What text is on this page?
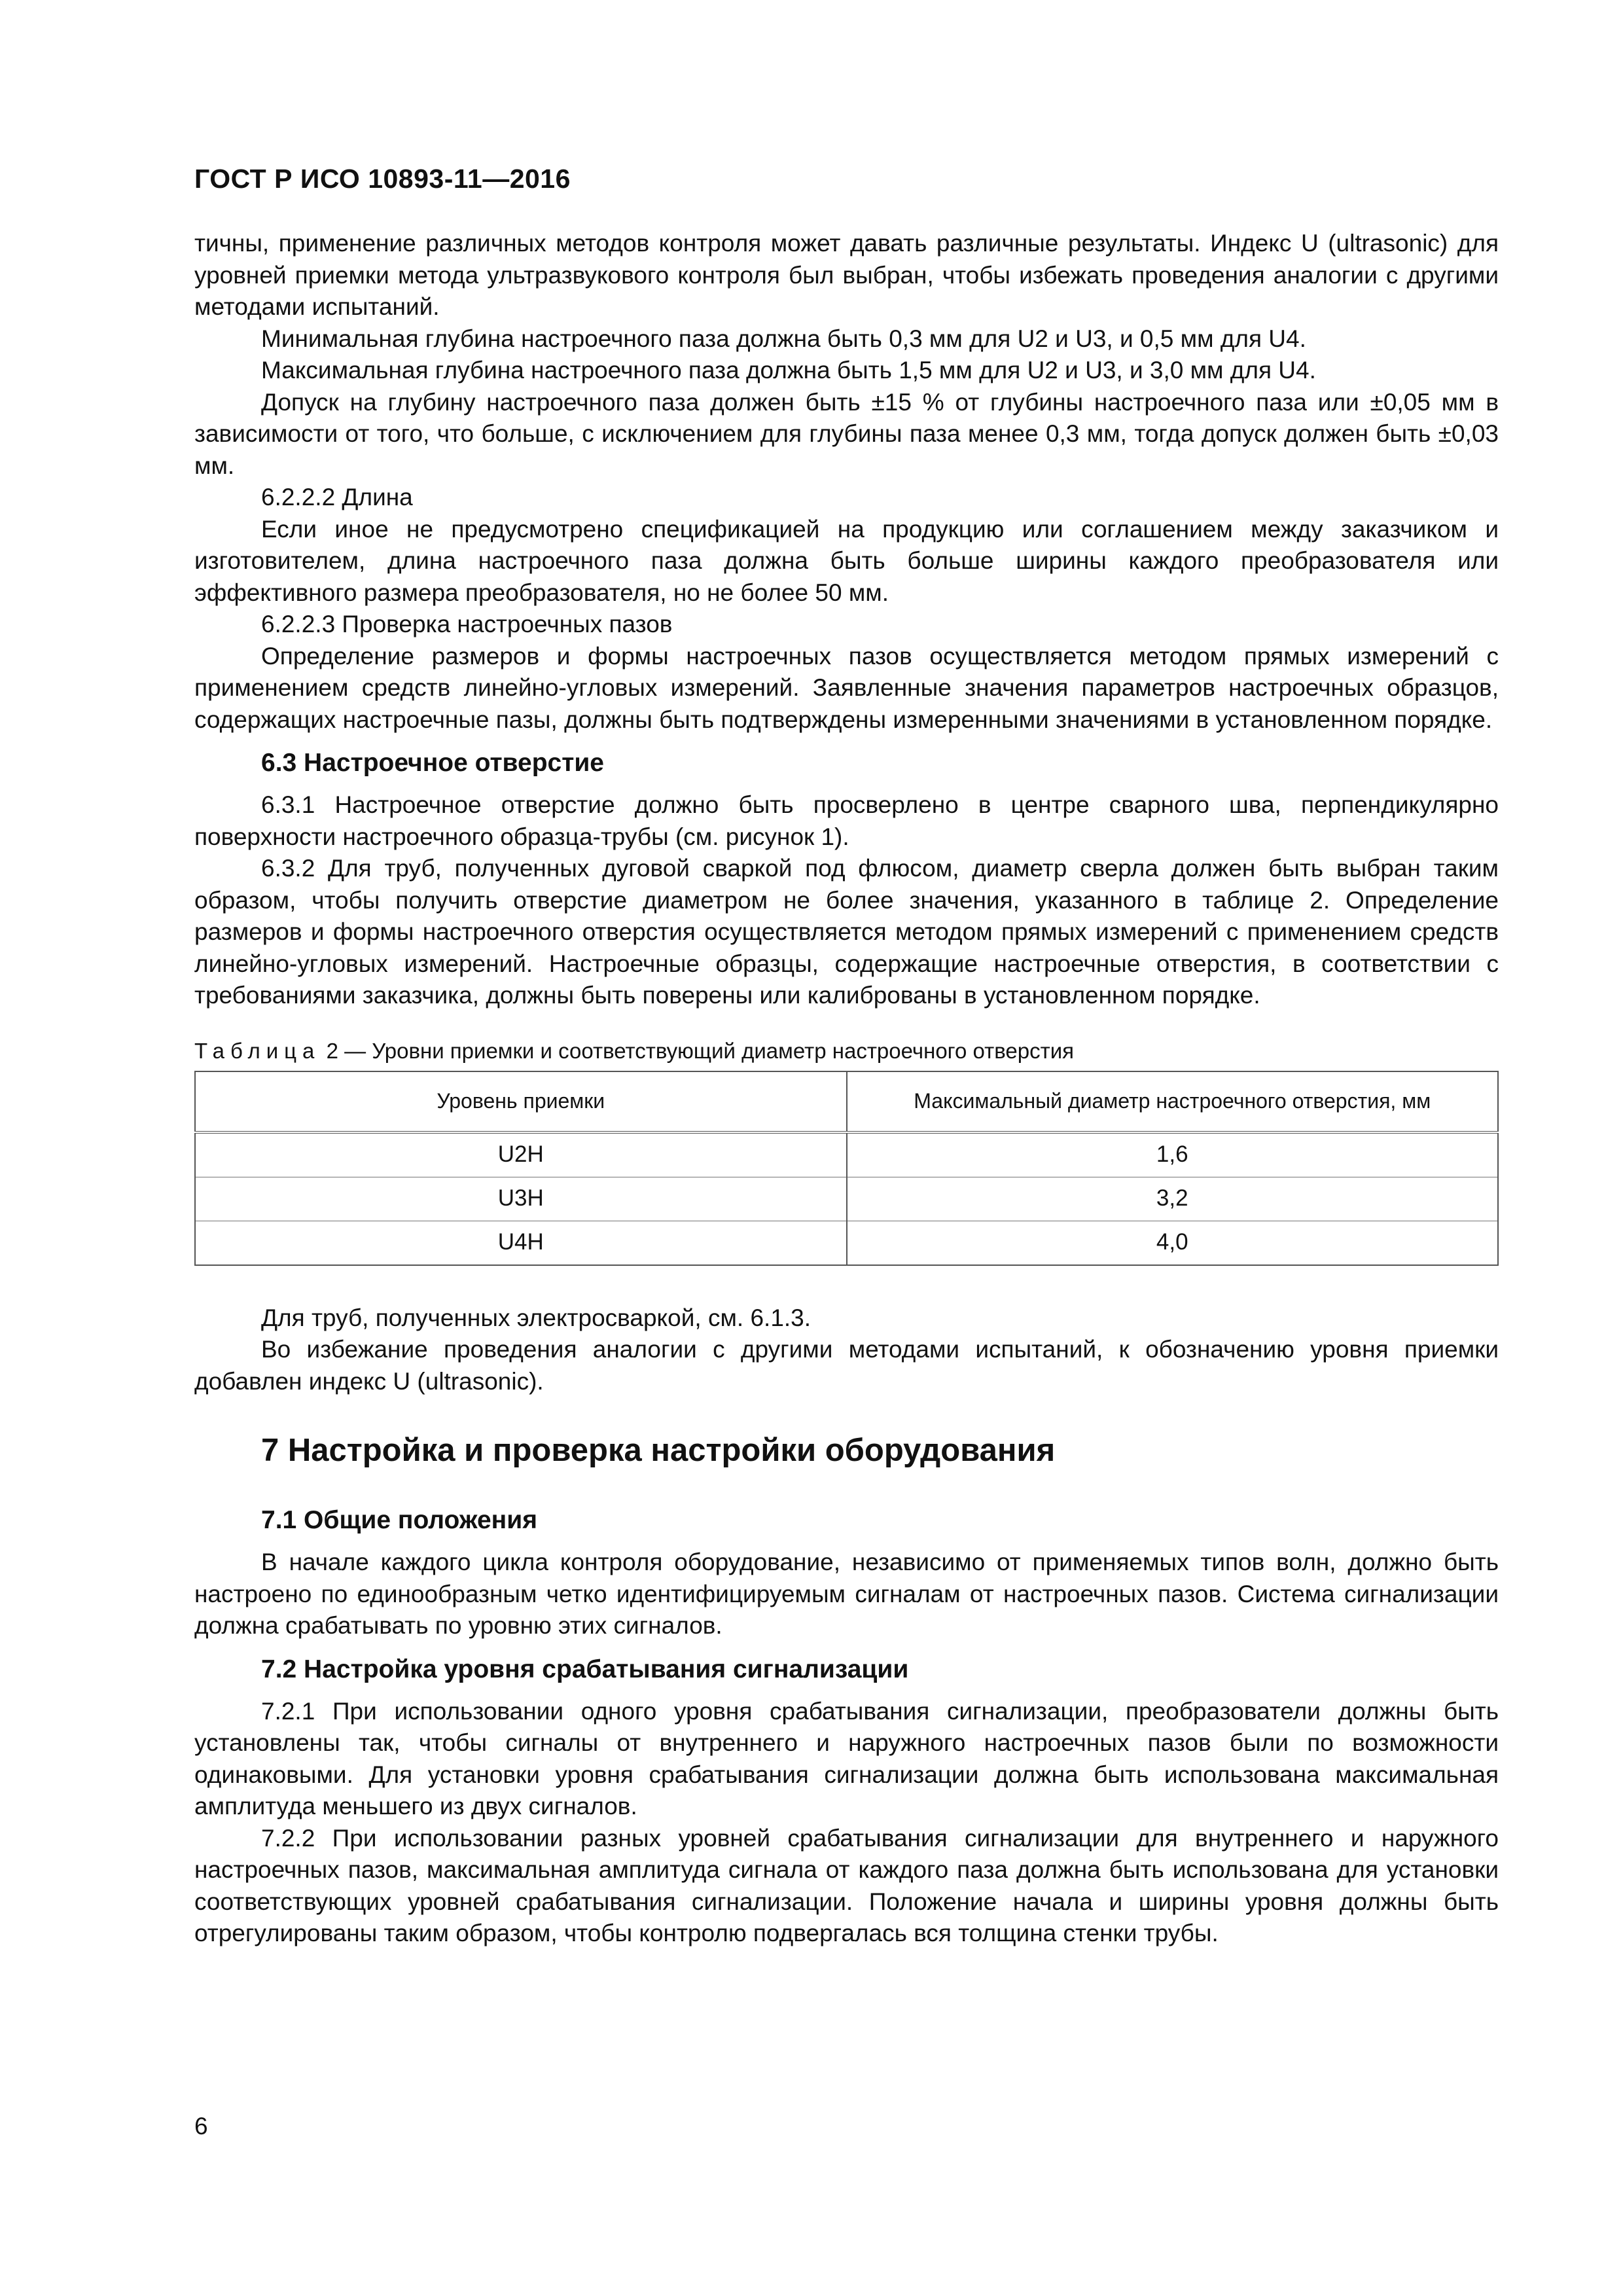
ГОСТ Р ИСО 10893-11—2016

тичны, применение различных методов контроля может давать различные результаты. Индекс U (ultrasonic) для уровней приемки метода ультразвукового контроля был выбран, чтобы избежать проведения аналогии с другими методами испытаний.

Минимальная глубина настроечного паза должна быть 0,3 мм для U2 и U3, и 0,5 мм для U4.

Максимальная глубина настроечного паза должна быть 1,5 мм для U2 и U3, и 3,0 мм для U4.

Допуск на глубину настроечного паза должен быть ±15 % от глубины настроечного паза или ±0,05 мм в зависимости от того, что больше, с исключением для глубины паза менее 0,3 мм, тогда допуск должен быть ±0,03 мм.

6.2.2.2 Длина

Если иное не предусмотрено спецификацией на продукцию или соглашением между заказчиком и изготовителем, длина настроечного паза должна быть больше ширины каждого преобразователя или эффективного размера преобразователя, но не более 50 мм.

6.2.2.3 Проверка настроечных пазов

Определение размеров и формы настроечных пазов осуществляется методом прямых измерений с применением средств линейно-угловых измерений. Заявленные значения параметров настроечных образцов, содержащих настроечные пазы, должны быть подтверждены измеренными значениями в установленном порядке.

6.3 Настроечное отверстие

6.3.1 Настроечное отверстие должно быть просверлено в центре сварного шва, перпендикулярно поверхности настроечного образца-трубы (см. рисунок 1).

6.3.2 Для труб, полученных дуговой сваркой под флюсом, диаметр сверла должен быть выбран таким образом, чтобы получить отверстие диаметром не более значения, указанного в таблице 2. Определение размеров и формы настроечного отверстия осуществляется методом прямых измерений с применением средств линейно-угловых измерений. Настроечные образцы, содержащие настроечные отверстия, в соответствии с требованиями заказчика, должны быть поверены или калиброваны в установленном порядке.

Таблица 2 — Уровни приемки и соответствующий диаметр настроечного отверстия
Уровень приемки	Максимальный диаметр настроечного отверстия, мм
U2H	1,6
U3H	3,2
U4H	4,0

Для труб, полученных электросваркой, см. 6.1.3.

Во избежание проведения аналогии с другими методами испытаний, к обозначению уровня приемки добавлен индекс U (ultrasonic).

7 Настройка и проверка настройки оборудования
7.1 Общие положения

В начале каждого цикла контроля оборудование, независимо от применяемых типов волн, должно быть настроено по единообразным четко идентифицируемым сигналам от настроечных пазов. Система сигнализации должна срабатывать по уровню этих сигналов.

7.2 Настройка уровня срабатывания сигнализации

7.2.1 При использовании одного уровня срабатывания сигнализации, преобразователи должны быть установлены так, чтобы сигналы от внутреннего и наружного настроечных пазов были по возможности одинаковыми. Для установки уровня срабатывания сигнализации должна быть использована максимальная амплитуда меньшего из двух сигналов.

7.2.2 При использовании разных уровней срабатывания сигнализации для внутреннего и наружного настроечных пазов, максимальная амплитуда сигнала от каждого паза должна быть использована для установки соответствующих уровней срабатывания сигнализации. Положение начала и ширины уровня должны быть отрегулированы таким образом, чтобы контролю подвергалась вся толщина стенки трубы.

6
